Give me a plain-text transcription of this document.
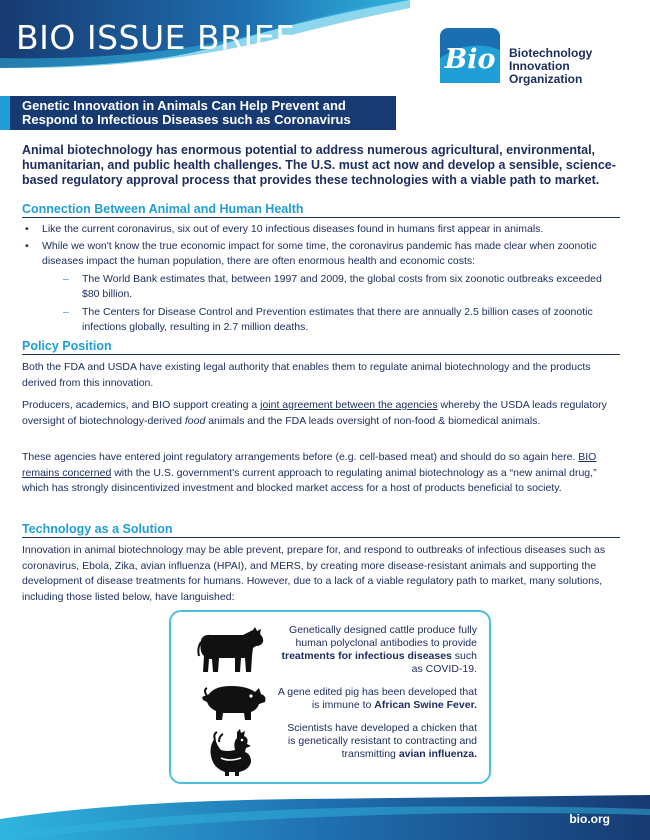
BIO ISSUE BRIEF
Bio Biotechnology
Innovation
Organization
Genetic Innovation in Animals Can Help Prevent and Respond to Infectious Diseases such as Coronavirus
Animal biotechnology has enormous potential to address numerous agricultural, environmental, humanitarian, and public health challenges. The U.S. must act now and develop a sensible, science-based regulatory approval process that provides these technologies with a viable path to market.
Connection Between Animal and Human Health
• Like the current coronavirus, six out of every 10 infectious diseases found in humans first appear in animals.
• While we won't know the true economic impact for some time, the coronavirus pandemic has made clear when zoonotic diseases impact the human population, there are often enormous health and economic costs:
– The World Bank estimates that, between 1997 and 2009, the global costs from six zoonotic outbreaks exceeded $80 billion.
– The Centers for Disease Control and Prevention estimates that there are annually 2.5 billion cases of zoonotic infections globally, resulting in 2.7 million deaths.
Policy Position
Both the FDA and USDA have existing legal authority that enables them to regulate animal biotechnology and the products derived from this innovation.
Producers, academics, and BIO support creating a joint agreement between the agencies whereby the USDA leads regulatory oversight of biotechnology-derived food animals and the FDA leads oversight of non-food & biomedical animals.
These agencies have entered joint regulatory arrangements before (e.g. cell-based meat) and should do so again here. BIO remains concerned with the U.S. government's current approach to regulating animal biotechnology as a “new animal drug,” which has strongly disincentivized investment and blocked market access for a host of products beneficial to society.
Technology as a Solution
Innovation in animal biotechnology may be able prevent, prepare for, and respond to outbreaks of infectious diseases such as coronavirus, Ebola, Zika, avian influenza (HPAI), and MERS, by creating more disease-resistant animals and supporting the development of disease treatments for humans. However, due to a lack of a viable regulatory path to market, many solutions, including those listed below, have languished:
Genetically designed cattle produce fully human polyclonal antibodies to provide treatments for infectious diseases such as COVID-19.
A gene edited pig has been developed that is immune to African Swine Fever.
Scientists have developed a chicken that is genetically resistant to contracting and transmitting avian influenza.
bio.org
